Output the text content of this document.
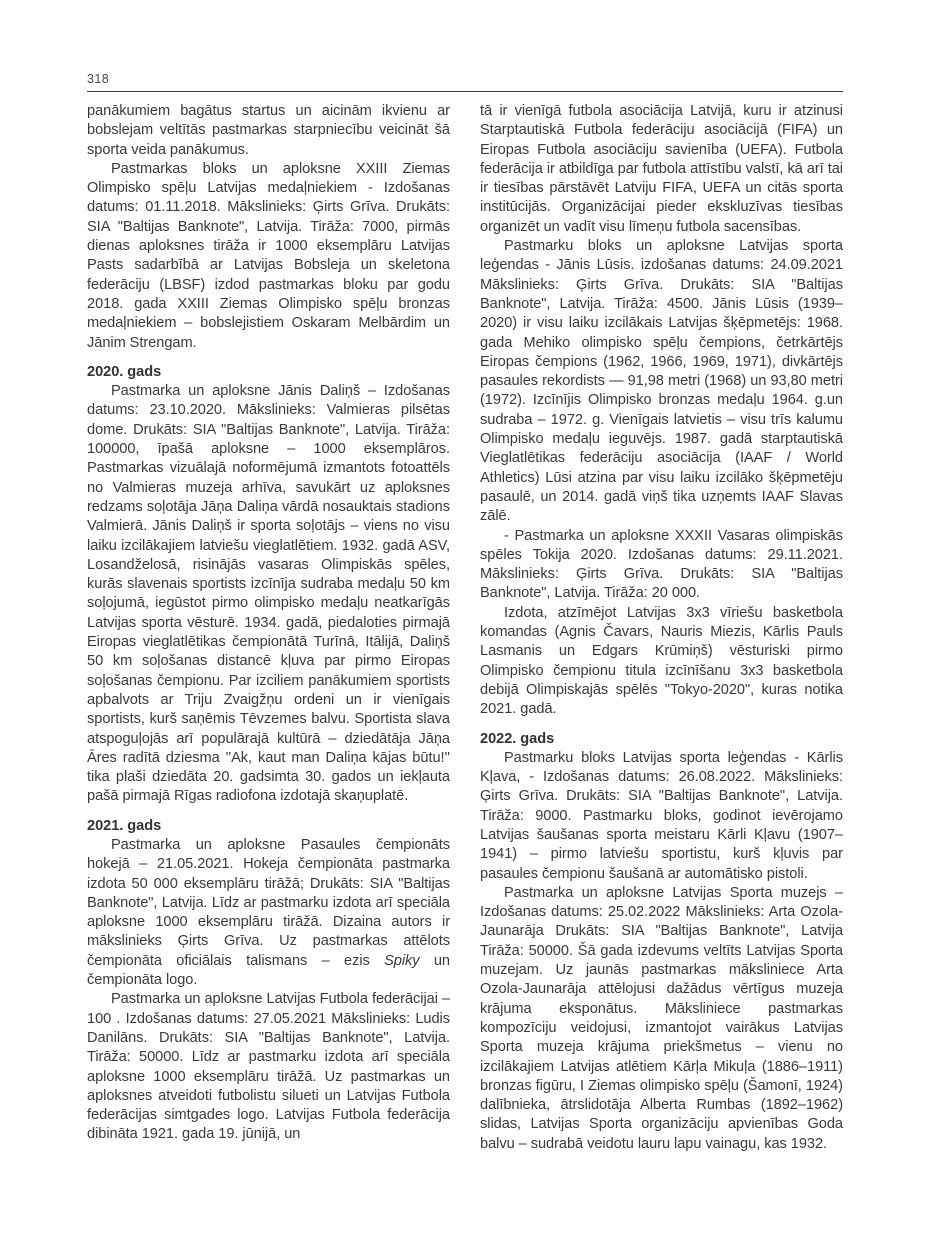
318

panākumiem bagātus startus un aicinām ikvienu ar bobslejam veltītās pastmarkas starpniecību veicināt šā sporta veida panākumus.

Pastmarkas bloks un aploksne XXIII Ziemas Olimpisko spēļu Latvijas medaļniekiem - Izdošanas datums: 01.11.2018. Mākslinieks: Ģirts Grīva. Drukāts: SIA "Baltijas Banknote", Latvija. Tirāža: 7000, pirmās dienas aploksnes tirāža ir 1000 eksemplāru Latvijas Pasts sadarbībā ar Latvijas Bobsleja un skeletona federāciju (LBSF) izdod pastmarkas bloku par godu 2018. gada XXIII Ziemas Olimpisko spēļu bronzas medaļniekiem – bobslejistiem Oskaram Melbārdim un Jānim Strengam.

2020. gads

Pastmarka un aploksne Jānis Daliņš – Izdošanas datums: 23.10.2020. Mākslinieks: Valmieras pilsētas dome. Drukāts: SIA "Baltijas Banknote", Latvija. Tirāža: 100000, īpašā aploksne – 1000 eksemplāros. Pastmarkas vizuālajā noformējumā izmantots fotoattēls no Valmieras muzeja arhīva, savukārt uz aploksnes redzams soļotāja Jāņa Daliņa vārdā nosauktais stadions Valmierā. Jānis Daliņš ir sporta soļotājs – viens no visu laiku izcilākajiem latviešu vieglatlētiem. 1932. gadā ASV, Losandželosā, risinājās vasaras Olimpiskās spēles, kurās slavenais sportists izcīnīja sudraba medaļu 50 km soļojumā, iegūstot pirmo olimpisko medaļu neatkarīgās Latvijas sporta vēsturē. 1934. gadā, piedaloties pirmajā Eiropas vieglatlētikas čempionātā Turīnā, Itālijā, Daliņš 50 km soļošanas distancē kļuva par pirmo Eiropas soļošanas čempionu. Par izciliem panākumiem sportists apbalvots ar Triju Zvaigžņu ordeni un ir vienīgais sportists, kurš saņēmis Tēvzemes balvu. Sportista slava atspoguļojās arī populārajā kultūrā – dziedātāja Jāņa Āres radītā dziesma ''Ak, kaut man Daliņa kājas būtu!'' tika plaši dziedāta 20. gadsimta 30. gados un iekļauta pašā pirmajā Rīgas radiofona izdotajā skaņuplatē.

2021. gads

Pastmarka un aploksne Pasaules čempionāts hokejā – 21.05.2021. Hokeja čempionāta pastmarka izdota 50 000 eksemplāru tirāžā; Drukāts: SIA "Baltijas Banknote", Latvija. Līdz ar pastmarku izdota arī speciāla aploksne 1000 eksemplāru tirāžā. Dizaina autors ir mākslinieks Ģirts Grīva. Uz pastmarkas attēlots čempionāta oficiālais talismans – ezis Spiky un čempionāta logo.

Pastmarka un aploksne Latvijas Futbola federācijai – 100 . Izdošanas datums: 27.05.2021 Mākslinieks: Ludis Danilāns. Drukāts: SIA "Baltijas Banknote", Latvija. Tirāža: 50000. Līdz ar pastmarku izdota arī speciāla aploksne 1000 eksemplāru tirāžā. Uz pastmarkas un aploksnes atveidoti futbolistu silueti un Latvijas Futbola federācijas simtgades logo. Latvijas Futbola federācija dibināta 1921. gada 19. jūnijā, un

tā ir vienīgā futbola asociācija Latvijā, kuru ir atzinusi Starptautiskā Futbola federāciju asociācijā (FIFA) un Eiropas Futbola asociāciju savienība (UEFA). Futbola federācija ir atbildīga par futbola attīstību valstī, kā arī tai ir tiesības pārstāvēt Latviju FIFA, UEFA un citās sporta institūcijās. Organizācijai pieder ekskluzīvas tiesības organizēt un vadīt visu līmeņu futbola sacensības.

Pastmarku bloks un aploksne Latvijas sporta leģendas - Jānis Lūsis. izdošanas datums: 24.09.2021 Mākslinieks: Ģirts Grīva. Drukāts: SIA "Baltijas Banknote", Latvija. Tirāža: 4500. Jānis Lūsis (1939–2020) ir visu laiku izcilākais Latvijas šķēpmetējs: 1968. gada Mehiko olimpisko spēļu čempions, četrkārtējs Eiropas čempions (1962, 1966, 1969, 1971), divkārtējs pasaules rekordists — 91,98 metri (1968) un 93,80 metri (1972). Izcīnījis Olimpisko bronzas medaļu 1964. g.un sudraba – 1972. g. Vienīgais latvietis – visu trīs kalumu Olimpisko medaļu ieguvējs. 1987. gadā starptautiskā Vieglatlētikas federāciju asociācija (IAAF / World Athletics) Lūsi atzina par visu laiku izcilāko šķēpmetēju pasaulē, un 2014. gadā viņš tika uzņemts IAAF Slavas zālē.

- Pastmarka un aploksne XXXII Vasaras olimpiskās spēles Tokija 2020. Izdošanas datums: 29.11.2021. Mākslinieks: Ģirts Grīva. Drukāts: SIA "Baltijas Banknote", Latvija. Tirāža: 20 000.

Izdota, atzīmējot Latvijas 3x3 vīriešu basketbola komandas (Agnis Čavars, Nauris Miezis, Kārlis Pauls Lasmanis un Edgars Krūmiņš) vēsturiski pirmo Olimpisko čempionu titula izcīnīšanu 3x3 basketbola debijā Olimpiskajās spēlēs "Tokyo-2020", kuras notika 2021. gadā.

2022. gads

Pastmarku bloks Latvijas sporta leģendas - Kārlis Kļava, - Izdošanas datums: 26.08.2022. Mākslinieks: Ģirts Grīva. Drukāts: SIA "Baltijas Banknote", Latvija. Tirāža: 9000. Pastmarku bloks, godinot ievērojamo Latvijas šaušanas sporta meistaru Kārli Kļavu (1907–1941) – pirmo latviešu sportistu, kurš kļuvis par pasaules čempionu šaušanā ar automātisko pistoli.

Pastmarka un aploksne Latvijas Sporta muzejs – Izdošanas datums: 25.02.2022 Mākslinieks: Arta Ozola-Jaunarāja Drukāts: SIA "Baltijas Banknote", Latvija Tirāža: 50000. Šā gada izdevums veltīts Latvijas Sporta muzejam. Uz jaunās pastmarkas māksliniece Arta Ozola-Jaunarāja attēlojusi dažādus vērtīgus muzeja krājuma eksponātus. Māksliniece pastmarkas kompozīciju veidojusi, izmantojot vairākus Latvijas Sporta muzeja krājuma priekšmetus – vienu no izcilākajiem Latvijas atlētiem Kārļa Mikuļa (1886–1911) bronzas figūru, I Ziemas olimpisko spēļu (Šamonī, 1924) dalībnieka, ātrslidotāja Alberta Rumbas (1892–1962) slidas, Latvijas Sporta organizāciju apvienības Goda balvu – sudrabā veidotu lauru lapu vainagu, kas 1932.
